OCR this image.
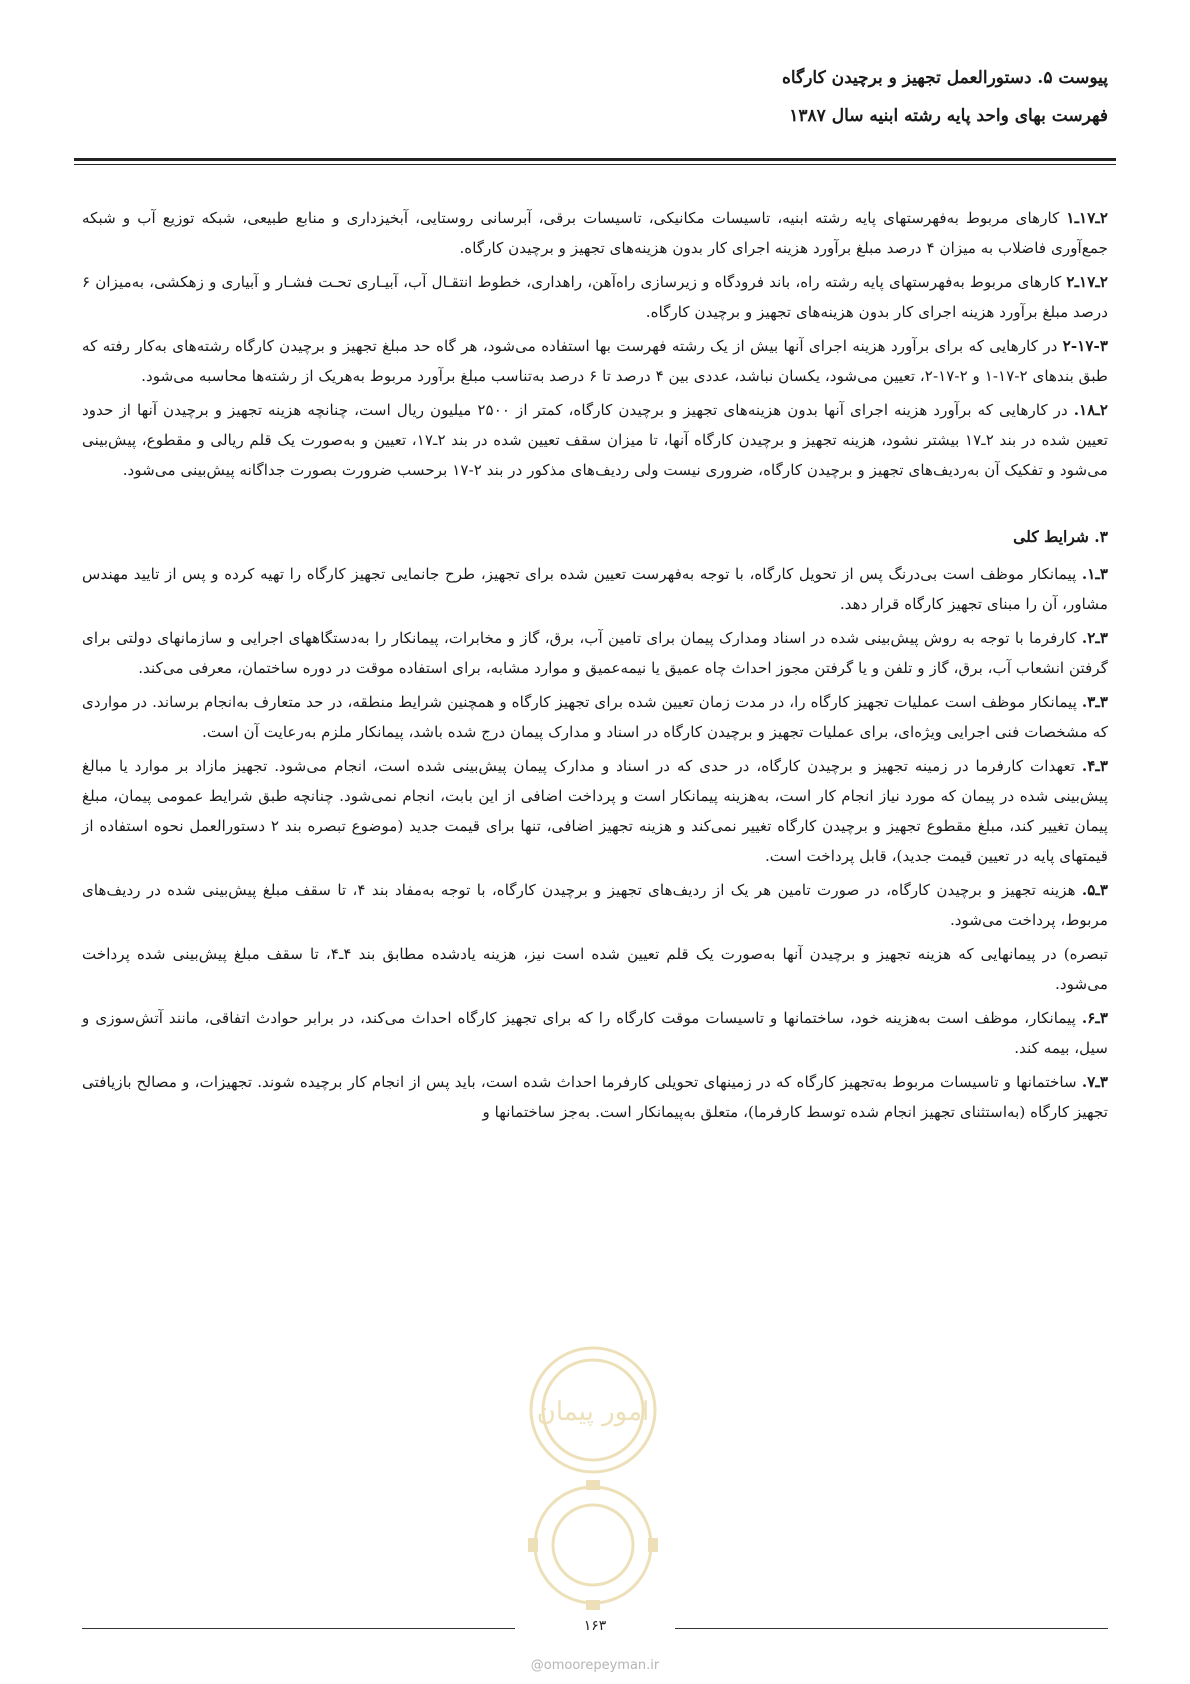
پیوست ۵. دستورالعمل تجهیز و برچیدن کارگاه
فهرست بهای واحد پایه رشته ابنیه سال ۱۳۸۷
۲ـ۱۷ـ۱ کارهای مربوط به‌فهرستهای پایه رشته ابنیه، تاسیسات مکانیکی، تاسیسات برقی، آبرسانی روستایی، آبخیزداری و منابع طبیعی، شبکه توزیع آب و شبکه جمع‌آوری فاضلاب به میزان ۴ درصد مبلغ برآورد هزینه اجرای کار بدون هزینه‌های تجهیز و برچیدن کارگاه.
۲ـ۱۷ـ۲ کارهای مربوط به‌فهرستهای پایه رشته راه، باند فرودگاه و زیرسازی راه‌آهن، راهداری، خطوط انتقـال آب، آبیـاری تحـت فشـار و آبیاری و زهکشی، به‌میزان ۶ درصد مبلغ برآورد هزینه اجرای کار بدون هزینه‌های تجهیز و برچیدن کارگاه.
۲-۱۷-۳ در کارهایی که برای برآورد هزینه اجرای آنها بیش از یک رشته فهرست بها استفاده می‌شود، هر گاه حد مبلغ تجهیز و برچیدن کارگاه رشته‌های به‌کار رفته که طبق بندهای ۲-۱۷-۱ و ۲-۱۷-۲، تعیین می‌شود، یکسان نباشد، عددی بین ۴ درصد تا ۶ درصد به‌تناسب مبلغ برآورد مربوط به‌هریک از رشته‌ها محاسبه می‌شود.
۲ـ۱۸. در کارهایی که برآورد هزینه اجرای آنها بدون هزینه‌های تجهیز و برچیدن کارگاه، کمتر از ۲۵۰۰ میلیون ریال است، چنانچه هزینه تجهیز و برچیدن آنها از حدود تعیین شده در بند ۲ـ۱۷ بیشتر نشود، هزینه تجهیز و برچیدن کارگاه آنها، تا میزان سقف تعیین شده در بند ۲ـ۱۷، تعیین و به‌صورت یک قلم ریالی و مقطوع، پیش‌بینی می‌شود و تفکیک آن به‌ردیف‌های تجهیز و برچیدن کارگاه، ضروری نیست ولی ردیف‌های مذکور در بند ۲-۱۷ برحسب ضرورت بصورت جداگانه پیش‌بینی می‌شود.
۳. شرایط کلی
۳ـ۱. پیمانکار موظف است بی‌درنگ پس از تحویل کارگاه، با توجه به‌فهرست تعیین شده برای تجهیز، طرح جانمایی تجهیز کارگاه را تهیه کرده و پس از تایید مهندس مشاور، آن را مبنای تجهیز کارگاه قرار دهد.
۳ـ۲. کارفرما با توجه به روش پیش‌بینی شده در اسناد ومدارک پیمان برای تامین آب، برق، گاز و مخابرات، پیمانکار را به‌دستگاههای اجرایی و سازمانهای دولتی برای گرفتن انشعاب آب، برق، گاز و تلفن و یا گرفتن مجوز احداث چاه عمیق یا نیمه‌عمیق و موارد مشابه، برای استفاده موقت در دوره ساختمان، معرفی می‌کند.
۳ـ۳. پیمانکار موظف است عملیات تجهیز کارگاه را، در مدت زمان تعیین شده برای تجهیز کارگاه و همچنین شرایط منطقه، در حد متعارف به‌انجام برساند. در مواردی که مشخصات فنی اجرایی ویژه‌ای، برای عملیات تجهیز و برچیدن کارگاه در اسناد و مدارک پیمان درج شده باشد، پیمانکار ملزم به‌رعایت آن است.
۳ـ۴. تعهدات کارفرما در زمینه تجهیز و برچیدن کارگاه، در حدی که در اسناد و مدارک پیمان پیش‌بینی شده است، انجام می‌شود. تجهیز مازاد بر موارد یا مبالغ پیش‌بینی شده در پیمان که مورد نیاز انجام کار است، به‌هزینه پیمانکار است و پرداخت اضافی از این بابت، انجام نمی‌شود. چنانچه طبق شرایط عمومی پیمان، مبلغ پیمان تغییر کند، مبلغ مقطوع تجهیز و برچیدن کارگاه تغییر نمی‌کند و هزینه تجهیز اضافی، تنها برای قیمت جدید (موضوع تبصره بند ۲ دستورالعمل نحوه استفاده از قیمتهای پایه در تعیین قیمت جدید)، قابل پرداخت است.
۳ـ۵. هزینه تجهیز و برچیدن کارگاه، در صورت تامین هر یک از ردیف‌های تجهیز و برچیدن کارگاه، با توجه به‌مفاد بند ۴، تا سقف مبلغ پیش‌بینی شده در ردیف‌های مربوط، پرداخت می‌شود.
تبصره) در پیمانهایی که هزینه تجهیز و برچیدن آنها به‌صورت یک قلم تعیین شده است نیز، هزینه یادشده مطابق بند ۴ـ۴، تا سقف مبلغ پیش‌بینی شده پرداخت می‌شود.
۳ـ۶. پیمانکار، موظف است به‌هزینه خود، ساختمانها و تاسیسات موقت کارگاه را که برای تجهیز کارگاه احداث می‌کند، در برابر حوادث اتفاقی، مانند آتش‌سوزی و سیل، بیمه کند.
۳ـ۷. ساختمانها و تاسیسات مربوط به‌تجهیز کارگاه که در زمینهای تحویلی کارفرما احداث شده است، باید پس از انجام کار برچیده شوند. تجهیزات، و مصالح بازیافتی تجهیز کارگاه (به‌استثنای تجهیز انجام شده توسط کارفرما)، متعلق به‌پیمانکار است. به‌جز ساختمانها و
امور پیمان
۱۶۳
@omoorepeyman.ir
